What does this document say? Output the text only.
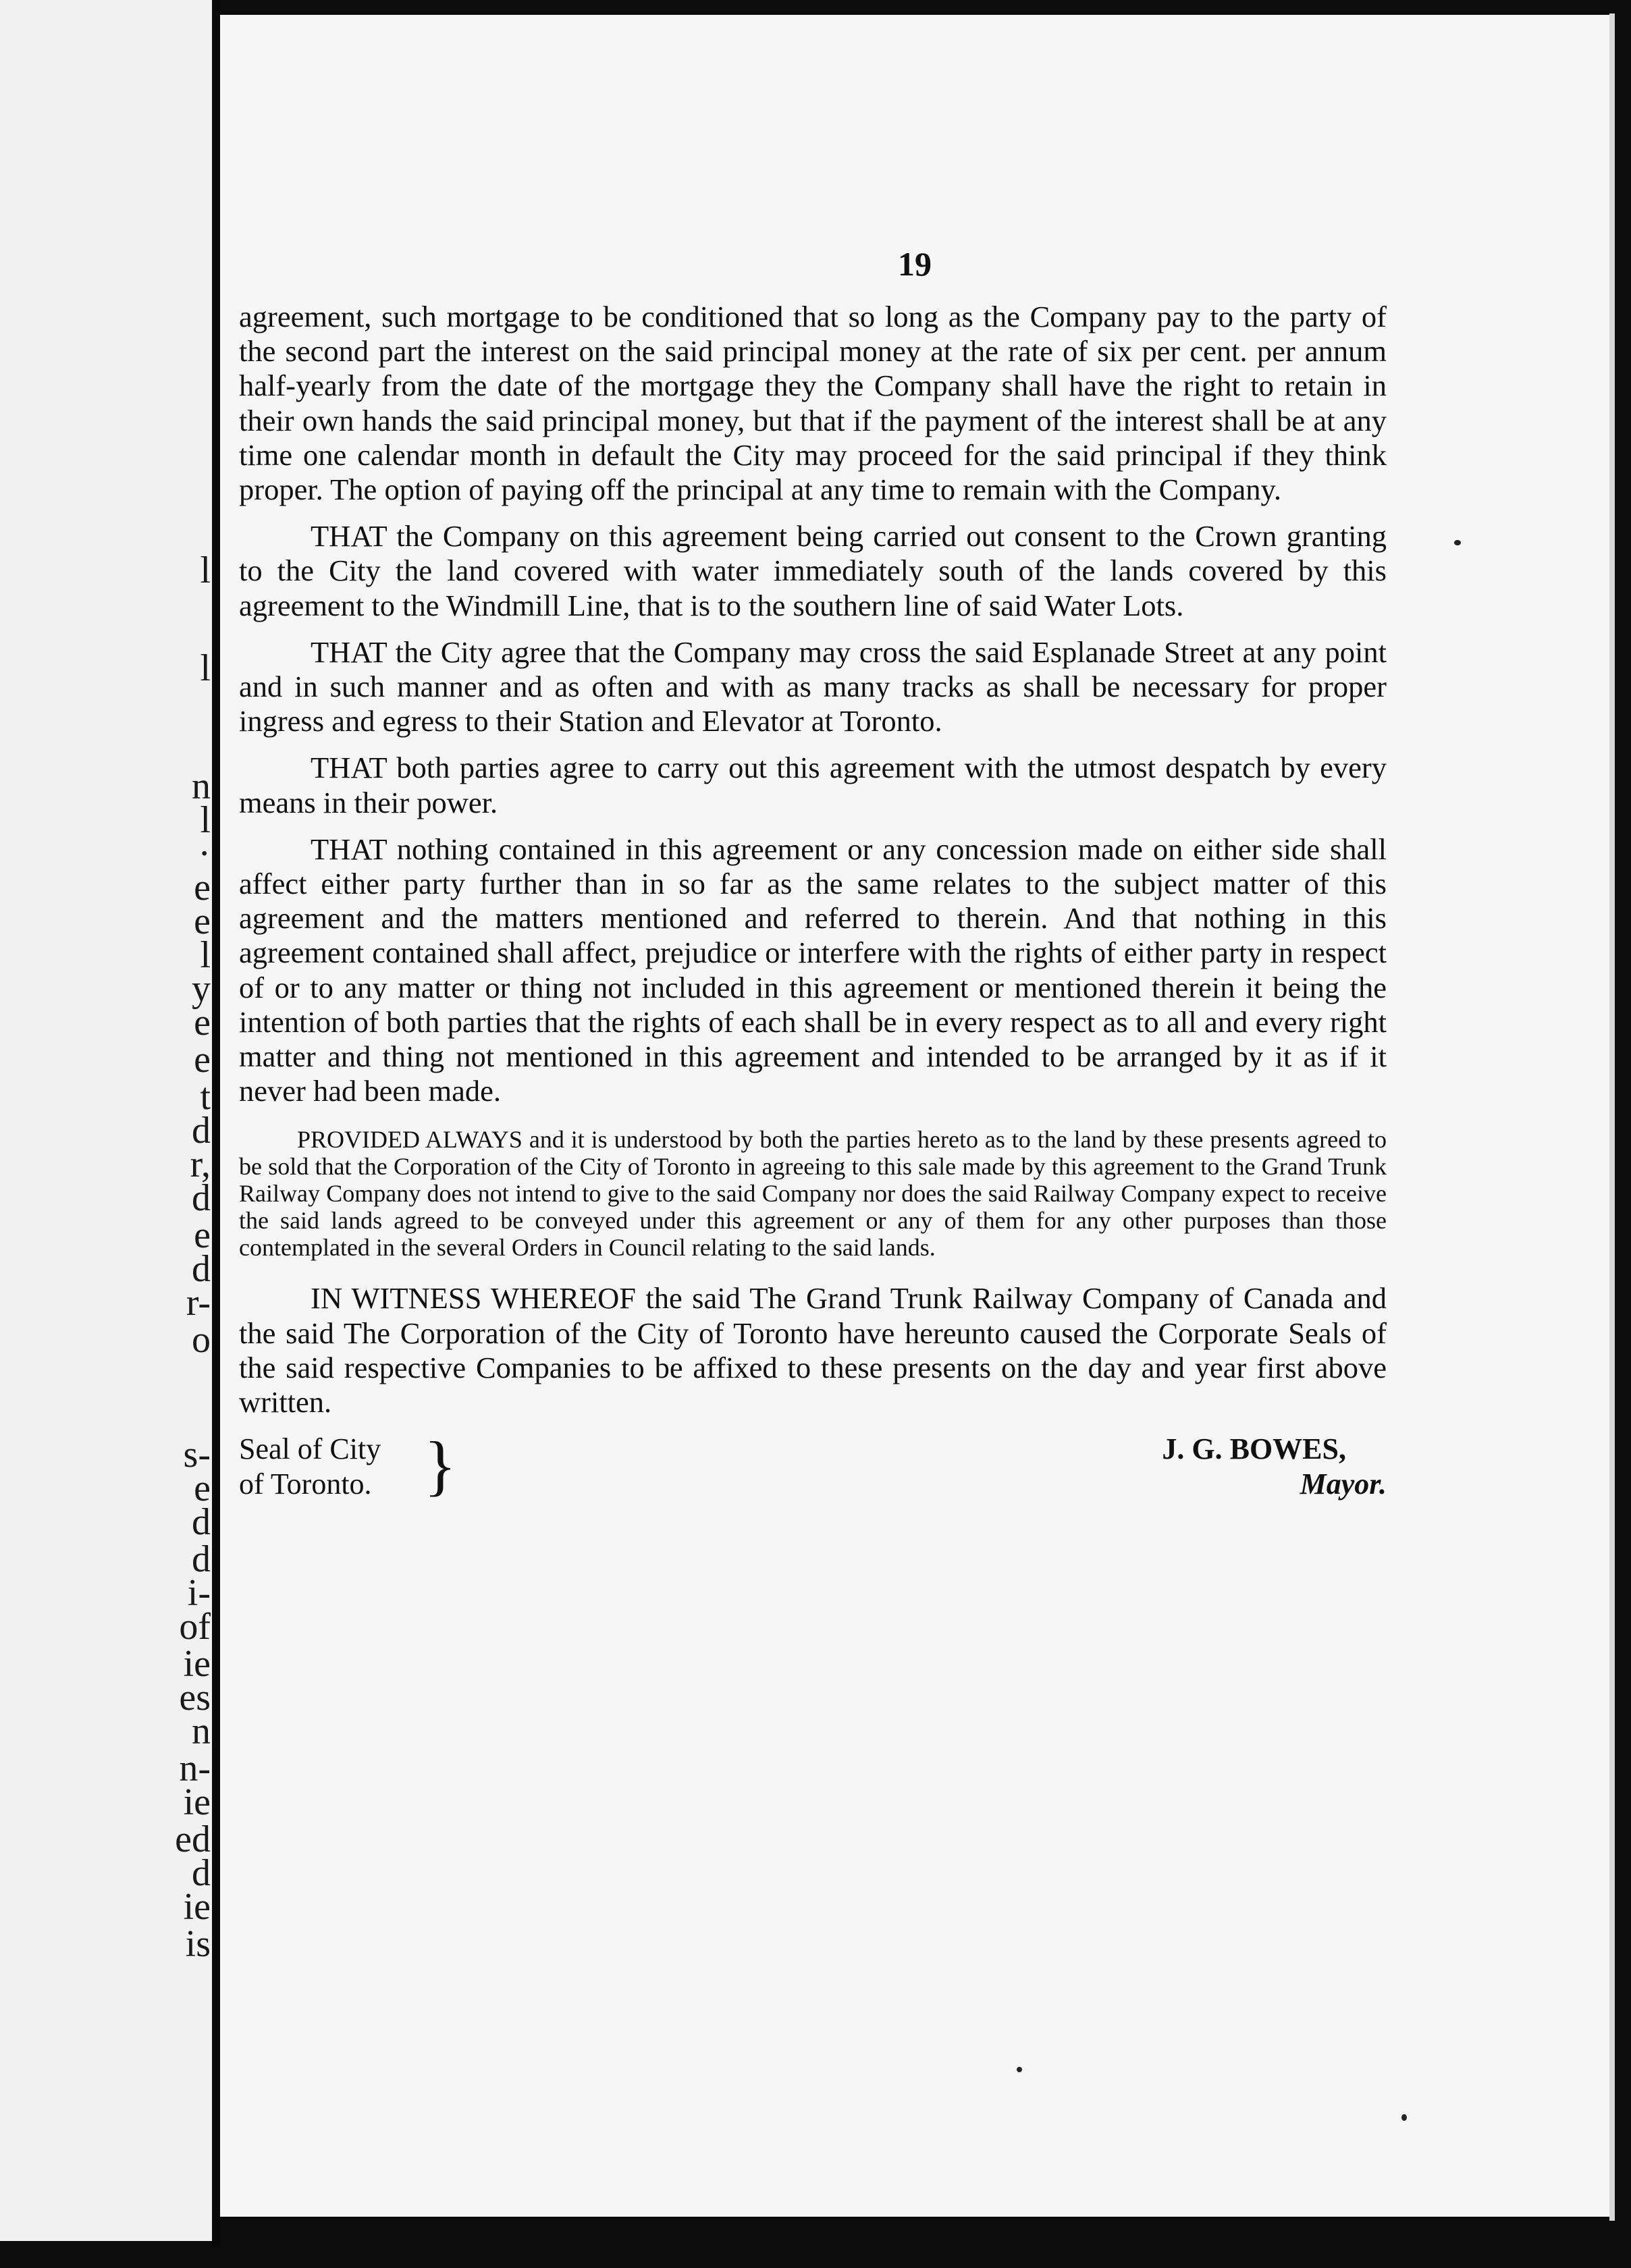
l
l
n
l
·
e
e
l
y
e
e
t
d
r,
d
e
d
r-
o
s-
e
d
d
i-
of
ie
es
n
n-
ie
ed
d
ie
is
19

agreement, such mortgage to be conditioned that so long as the Company pay to the party of the second part the interest on the said principal money at the rate of six per cent. per annum half-yearly from the date of the mortgage they the Company shall have the right to retain in their own hands the said principal money, but that if the payment of the interest shall be at any time one calendar month in default the City may proceed for the said principal if they think proper. The option of paying off the principal at any time to remain with the Company.

THAT the Company on this agreement being carried out consent to the Crown granting to the City the land covered with water immediately south of the lands covered by this agreement to the Windmill Line, that is to the southern line of said Water Lots.

THAT the City agree that the Company may cross the said Esplanade Street at any point and in such manner and as often and with as many tracks as shall be necessary for proper ingress and egress to their Station and Elevator at Toronto.

THAT both parties agree to carry out this agreement with the utmost despatch by every means in their power.

THAT nothing contained in this agreement or any concession made on either side shall affect either party further than in so far as the same relates to the subject matter of this agreement and the matters mentioned and referred to therein. And that nothing in this agreement contained shall affect, prejudice or interfere with the rights of either party in respect of or to any matter or thing not included in this agreement or mentioned therein it being the intention of both parties that the rights of each shall be in every respect as to all and every right matter and thing not mentioned in this agreement and intended to be arranged by it as if it never had been made.

PROVIDED ALWAYS and it is understood by both the parties hereto as to the land by these presents agreed to be sold that the Corporation of the City of Toronto in agreeing to this sale made by this agreement to the Grand Trunk Railway Company does not intend to give to the said Company nor does the said Railway Company expect to receive the said lands agreed to be conveyed under this agreement or any of them for any other purposes than those contemplated in the several Orders in Council relating to the said lands.

IN WITNESS WHEREOF the said The Grand Trunk Railway Company of Canada and the said The Corporation of the City of Toronto have hereunto caused the Corporate Seals of the said respective Companies to be affixed to these presents on the day and year first above written.

Seal of City
of Toronto. }	J. G. BOWES,
Mayor.
